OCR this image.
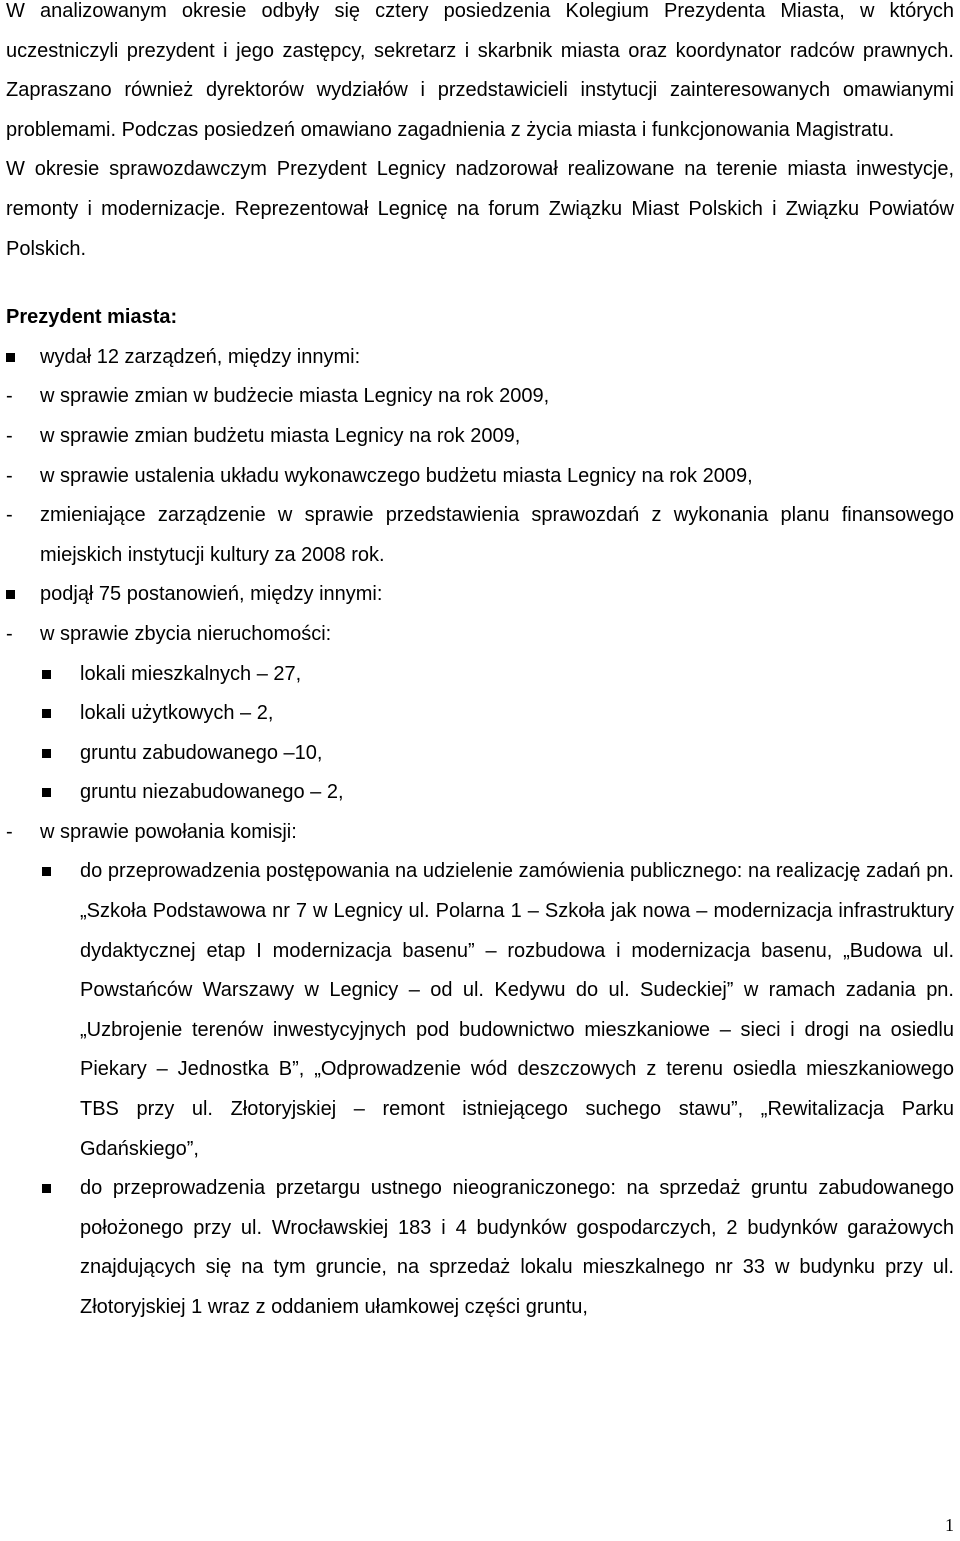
W analizowanym okresie odbyły się cztery posiedzenia Kolegium Prezydenta Miasta, w których uczestniczyli prezydent i jego zastępcy, sekretarz i skarbnik miasta oraz koordynator radców prawnych. Zapraszano również dyrektorów wydziałów i przedstawicieli instytucji zainteresowanych omawianymi problemami. Podczas posiedzeń omawiano zagadnienia z życia miasta i funkcjonowania Magistratu.

W okresie sprawozdawczym Prezydent Legnicy nadzorował realizowane na terenie miasta inwestycje, remonty i modernizacje. Reprezentował Legnicę na forum Związku Miast Polskich i Związku Powiatów Polskich.

Prezydent miasta:
wydał 12 zarządzeń, między innymi:
- w sprawie zmian w budżecie miasta Legnicy na rok 2009,
- w sprawie zmian budżetu miasta Legnicy na rok 2009,
- w sprawie ustalenia układu wykonawczego budżetu miasta Legnicy na rok 2009,
- zmieniające zarządzenie w sprawie przedstawienia sprawozdań z wykonania planu finansowego miejskich instytucji kultury za 2008 rok.
podjął 75 postanowień, między innymi:
- w sprawie zbycia nieruchomości:
lokali mieszkalnych – 27,
lokali użytkowych – 2,
gruntu zabudowanego –10,
gruntu niezabudowanego – 2,
- w sprawie powołania komisji:
do przeprowadzenia postępowania na udzielenie zamówienia publicznego: na realizację zadań pn. „Szkoła Podstawowa nr 7 w Legnicy ul. Polarna 1 – Szkoła jak nowa – modernizacja infrastruktury dydaktycznej etap I modernizacja basenu” – rozbudowa i modernizacja basenu, „Budowa ul. Powstańców Warszawy w Legnicy – od ul. Kedywu do ul. Sudeckiej” w ramach zadania pn. „Uzbrojenie terenów inwestycyjnych pod budownictwo mieszkaniowe – sieci i drogi na osiedlu Piekary – Jednostka B”, „Odprowadzenie wód deszczowych z terenu osiedla mieszkaniowego TBS przy ul. Złotoryjskiej – remont istniejącego suchego stawu”, „Rewitalizacja Parku Gdańskiego”,
do przeprowadzenia przetargu ustnego nieograniczonego: na sprzedaż gruntu zabudowanego położonego przy ul. Wrocławskiej 183 i 4 budynków gospodarczych, 2 budynków garażowych znajdujących się na tym gruncie, na sprzedaż lokalu mieszkalnego nr 33 w budynku przy ul. Złotoryjskiej 1 wraz z oddaniem ułamkowej części gruntu,
1
